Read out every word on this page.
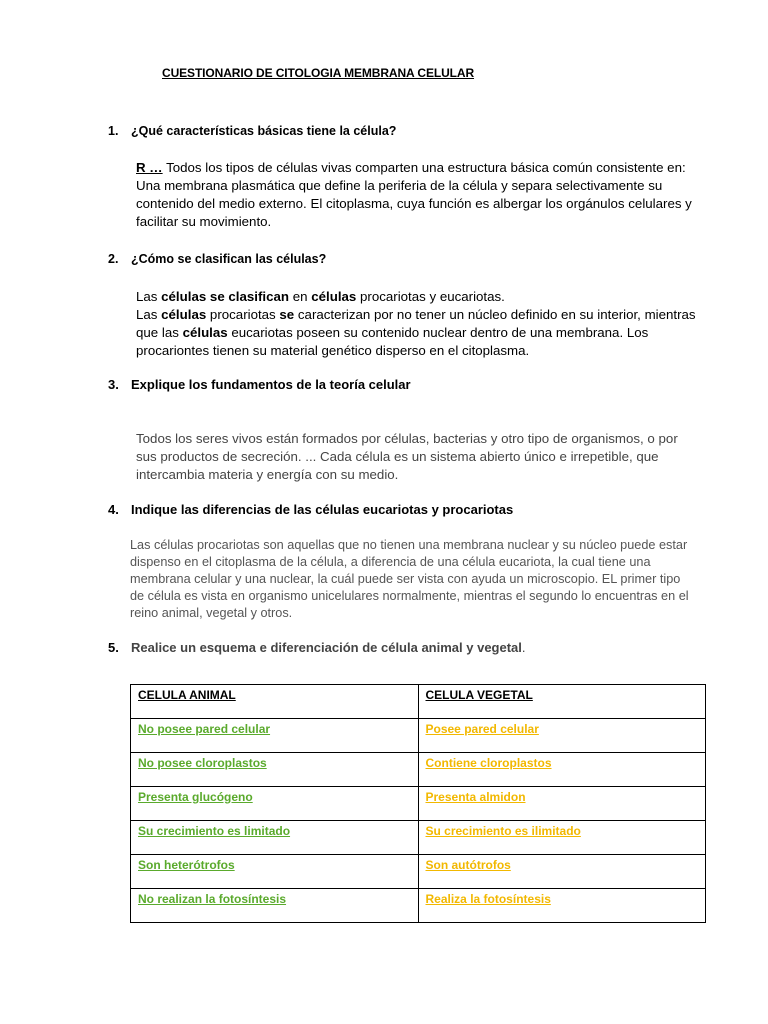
CUESTIONARIO DE CITOLOGIA MEMBRANA CELULAR
1. ¿Qué características básicas tiene la célula?

R … Todos los tipos de células vivas comparten una estructura básica común consistente en: Una membrana plasmática que define la periferia de la célula y separa selectivamente su contenido del medio externo. El citoplasma, cuya función es albergar los orgánulos celulares y facilitar su movimiento.

2. ¿Cómo se clasifican las células?

Las células se clasifican en células procariotas y eucariotas.

Las células procariotas se caracterizan por no tener un núcleo definido en su interior, mientras que las células eucariotas poseen su contenido nuclear dentro de una membrana. Los procariontes tienen su material genético disperso en el citoplasma.

3. Explique los fundamentos de la teoría celular

Todos los seres vivos están formados por células, bacterias y otro tipo de organismos, o por sus productos de secreción. ... Cada célula es un sistema abierto único e irrepetible, que intercambia materia y energía con su medio.

4. Indique las diferencias de las células eucariotas y procariotas

Las células procariotas son aquellas que no tienen una membrana nuclear y su núcleo puede estar dispenso en el citoplasma de la célula, a diferencia de una célula eucariota, la cual tiene una membrana celular y una nuclear, la cuál puede ser vista con ayuda un microscopio. EL primer tipo de célula es vista en organismo unicelulares normalmente, mientras el segundo lo encuentras en el reino animal, vegetal y otros.

5. Realice un esquema e diferenciación de célula animal y vegetal.
CELULA ANIMAL	CELULA VEGETAL
No posee pared celular	Posee pared celular
No posee cloroplastos	Contiene cloroplastos
Presenta glucógeno	Presenta almidon
Su crecimiento es limitado	Su crecimiento es ilimitado
Son heterótrofos	Son autótrofos
No realizan la fotosíntesis	Realiza la fotosíntesis
